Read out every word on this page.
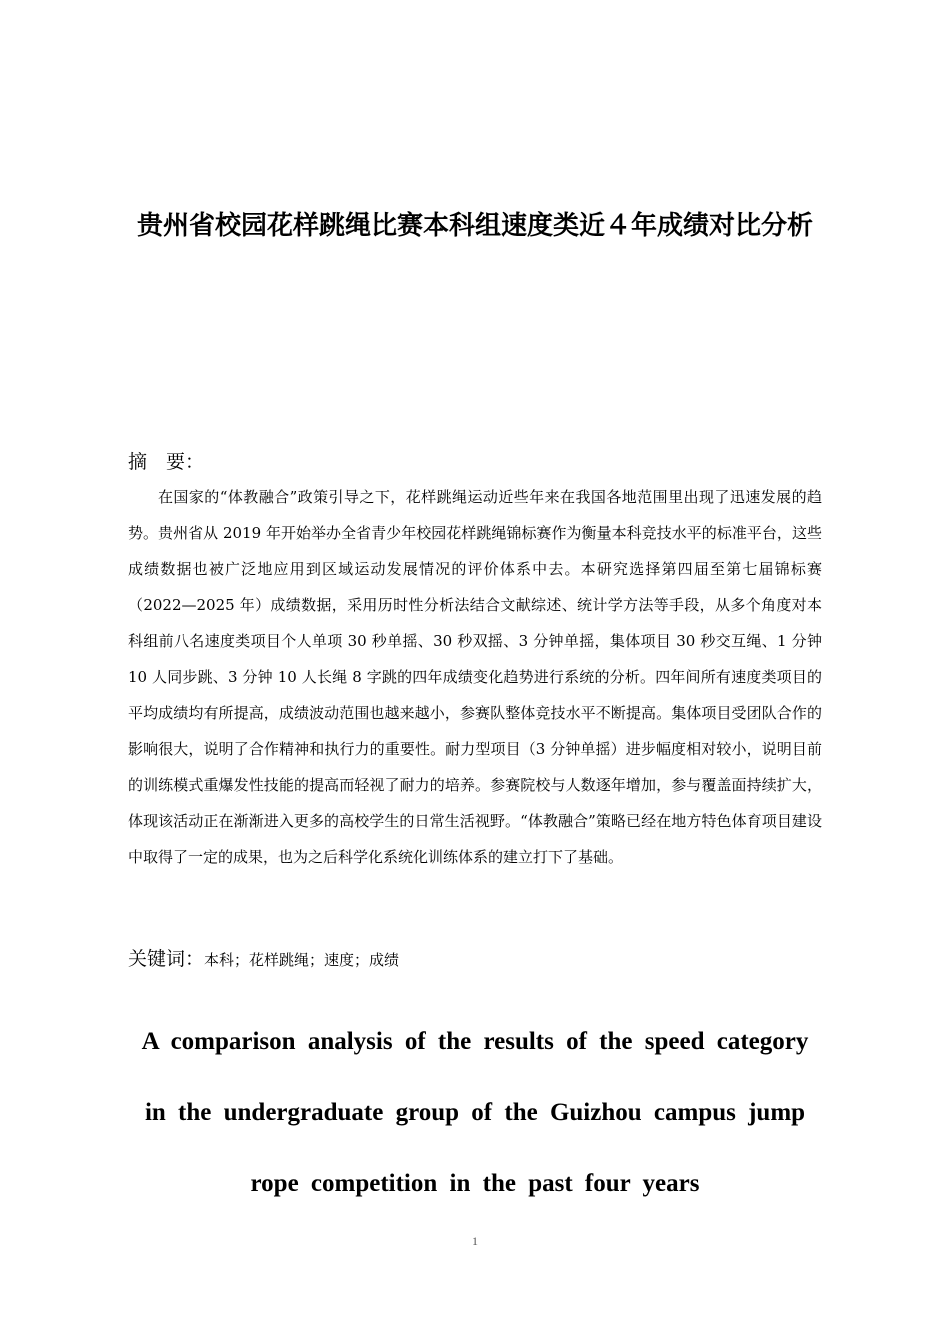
贵州省校园花样跳绳比赛本科组速度类近４年成绩对比分析
摘　要：

在国家的“体教融合”政策引导之下，花样跳绳运动近些年来在我国各地范围里出现了迅速发展的趋势。贵州省从 2019 年开始举办全省青少年校园花样跳绳锦标赛作为衡量本科竞技水平的标准平台，这些成绩数据也被广泛地应用到区域运动发展情况的评价体系中去。本研究选择第四届至第七届锦标赛（2022—2025 年）成绩数据，采用历时性分析法结合文献综述、统计学方法等手段，从多个角度对本科组前八名速度类项目个人单项 30 秒单摇、30 秒双摇、3 分钟单摇，集体项目 30 秒交互绳、1 分钟 10 人同步跳、3 分钟 10 人长绳 8 字跳的四年成绩变化趋势进行系统的分析。四年间所有速度类项目的平均成绩均有所提高，成绩波动范围也越来越小，参赛队整体竞技水平不断提高。集体项目受团队合作的影响很大，说明了合作精神和执行力的重要性。耐力型项目（3 分钟单摇）进步幅度相对较小，说明目前的训练模式重爆发性技能的提高而轻视了耐力的培养。参赛院校与人数逐年增加，参与覆盖面持续扩大，体现该活动正在渐渐进入更多的高校学生的日常生活视野。“体教融合”策略已经在地方特色体育项目建设中取得了一定的成果，也为之后科学化系统化训练体系的建立打下了基础。

关键词：本科；花样跳绳；速度；成绩

A comparison analysis of the results of the speed category in the undergraduate group of the Guizhou campus jump rope competition in the past four years
1
